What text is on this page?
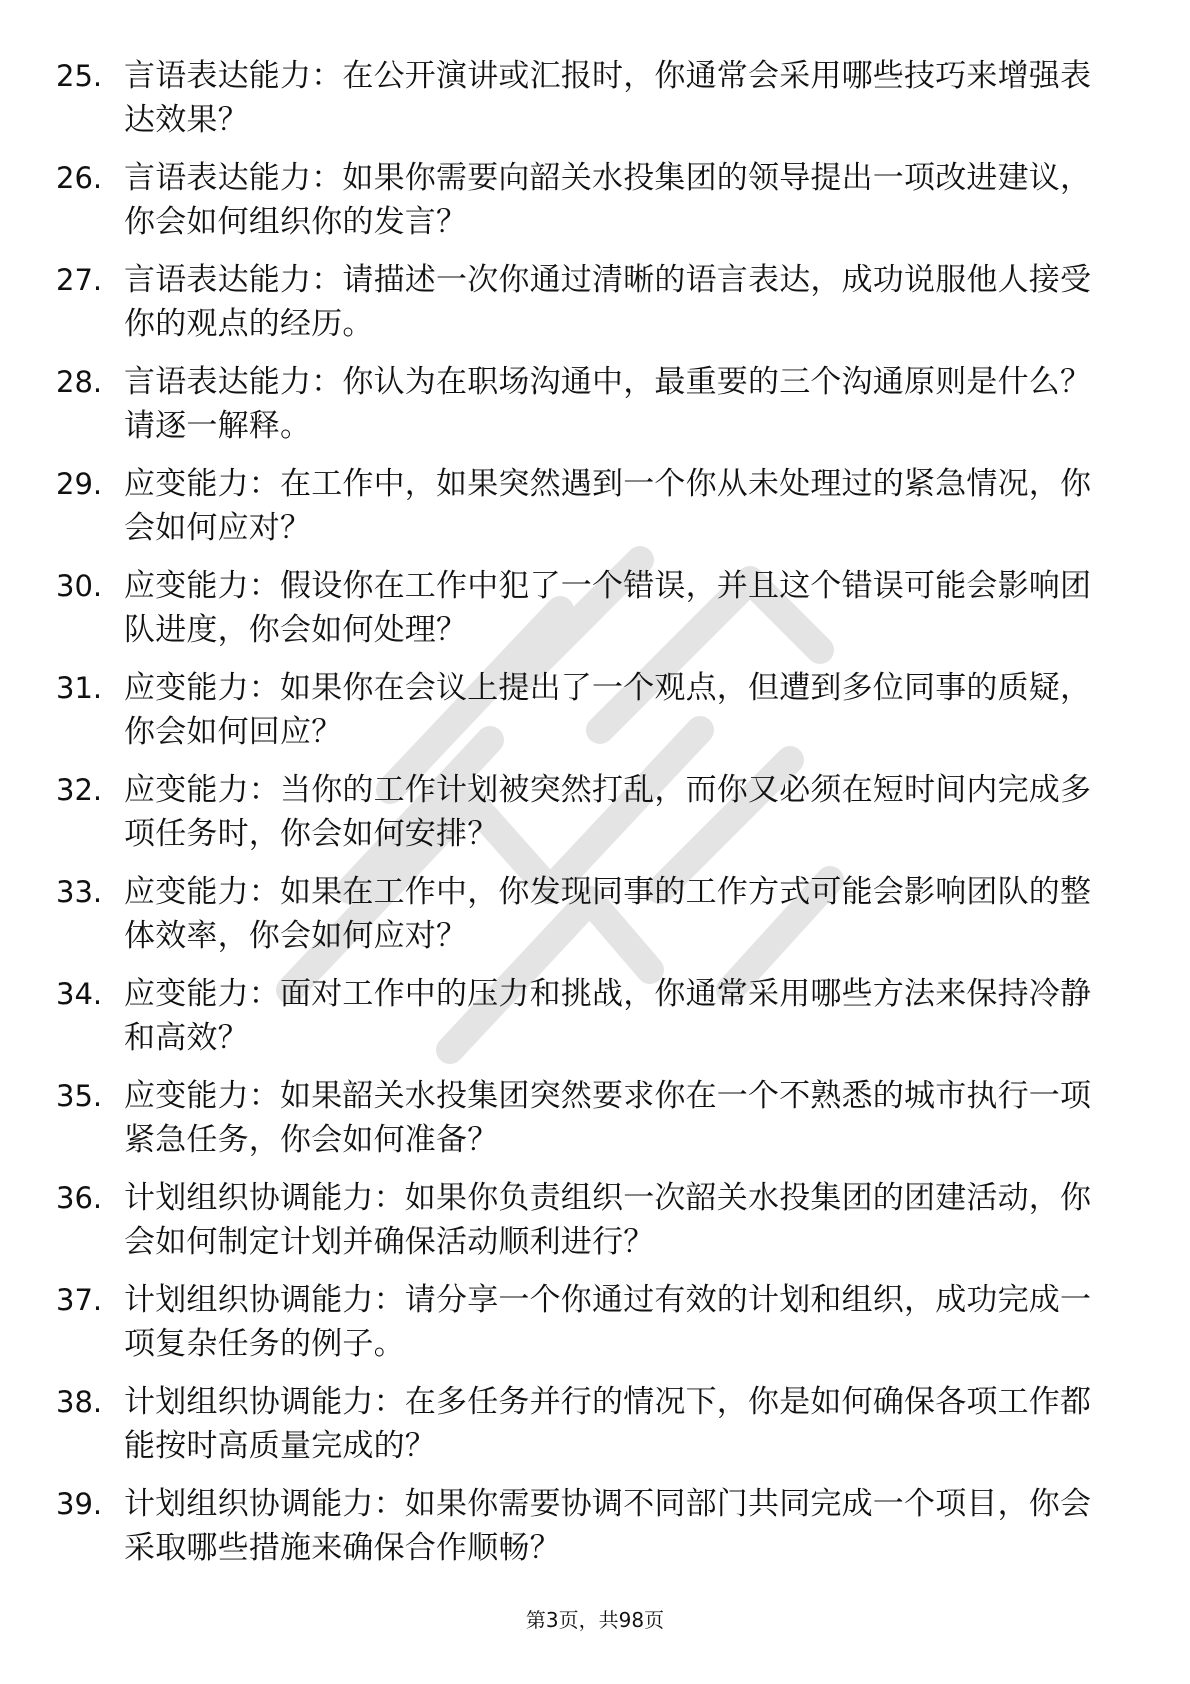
25. 言语表达能力：在公开演讲或汇报时，你通常会采用哪些技巧来增强表达效果？
26. 言语表达能力：如果你需要向韶关水投集团的领导提出一项改进建议，你会如何组织你的发言？
27. 言语表达能力：请描述一次你通过清晰的语言表达，成功说服他人接受你的观点的经历。
28. 言语表达能力：你认为在职场沟通中，最重要的三个沟通原则是什么？请逐一解释。
29. 应变能力：在工作中，如果突然遇到一个你从未处理过的紧急情况，你会如何应对？
30. 应变能力：假设你在工作中犯了一个错误，并且这个错误可能会影响团队进度，你会如何处理？
31. 应变能力：如果你在会议上提出了一个观点，但遭到多位同事的质疑，你会如何回应？
32. 应变能力：当你的工作计划被突然打乱，而你又必须在短时间内完成多项任务时，你会如何安排？
33. 应变能力：如果在工作中，你发现同事的工作方式可能会影响团队的整体效率，你会如何应对？
34. 应变能力：面对工作中的压力和挑战，你通常采用哪些方法来保持冷静和高效？
35. 应变能力：如果韶关水投集团突然要求你在一个不熟悉的城市执行一项紧急任务，你会如何准备？
36. 计划组织协调能力：如果你负责组织一次韶关水投集团的团建活动，你会如何制定计划并确保活动顺利进行？
37. 计划组织协调能力：请分享一个你通过有效的计划和组织，成功完成一项复杂任务的例子。
38. 计划组织协调能力：在多任务并行的情况下，你是如何确保各项工作都能按时高质量完成的？
39. 计划组织协调能力：如果你需要协调不同部门共同完成一个项目，你会采取哪些措施来确保合作顺畅？
第3页，共98页
